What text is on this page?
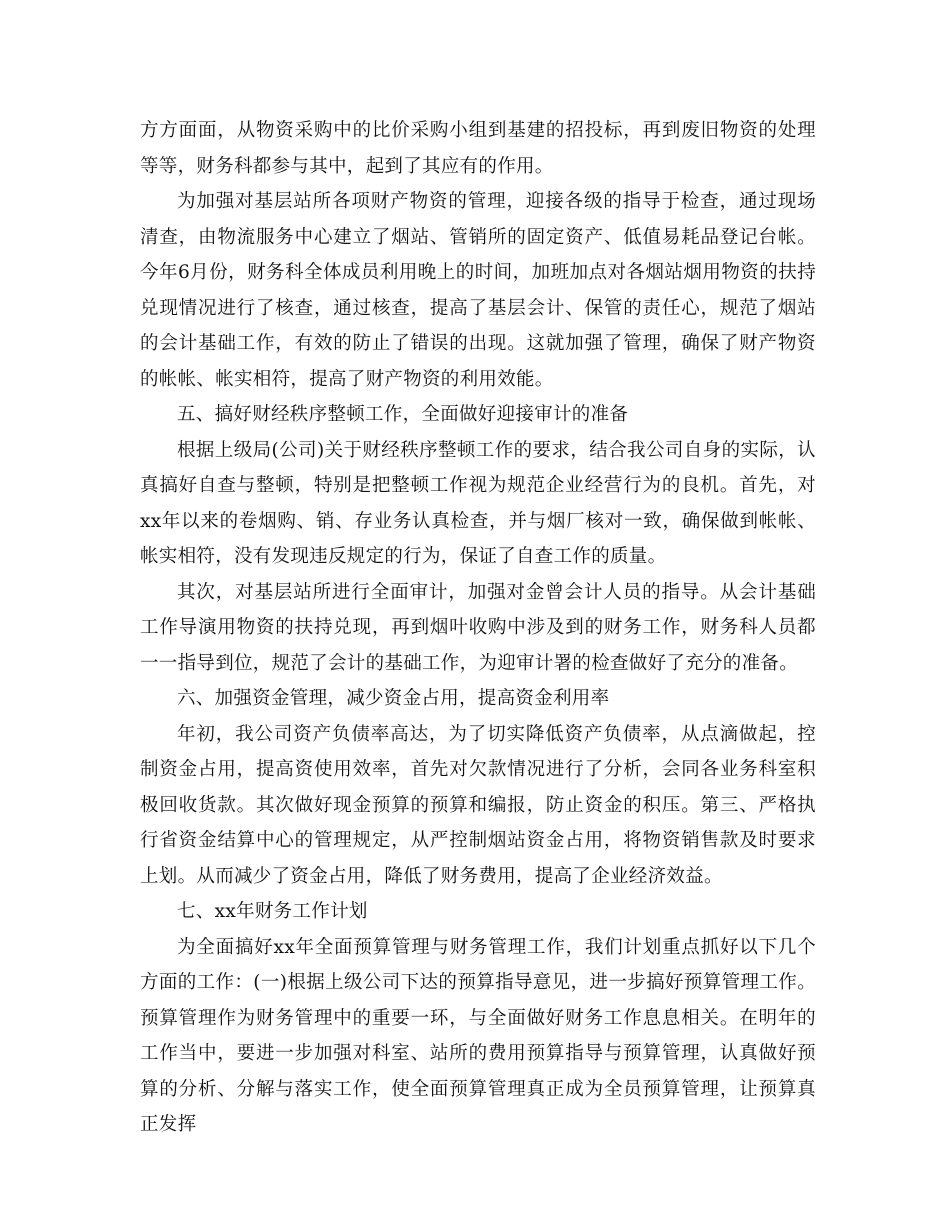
方方面面，从物资采购中的比价采购小组到基建的招投标，再到废旧物资的处理等等，财务科都参与其中，起到了其应有的作用。

为加强对基层站所各项财产物资的管理，迎接各级的指导于检查，通过现场清查，由物流服务中心建立了烟站、管销所的固定资产、低值易耗品登记台帐。今年6月份，财务科全体成员利用晚上的时间，加班加点对各烟站烟用物资的扶持兑现情况进行了核查，通过核查，提高了基层会计、保管的责任心，规范了烟站的会计基础工作，有效的防止了错误的出现。这就加强了管理，确保了财产物资的帐帐、帐实相符，提高了财产物资的利用效能。

五、搞好财经秩序整顿工作，全面做好迎接审计的准备

根据上级局(公司)关于财经秩序整顿工作的要求，结合我公司自身的实际，认真搞好自查与整顿，特别是把整顿工作视为规范企业经营行为的良机。首先，对xx年以来的卷烟购、销、存业务认真检查，并与烟厂核对一致，确保做到帐帐、帐实相符，没有发现违反规定的行为，保证了自查工作的质量。

其次，对基层站所进行全面审计，加强对金曾会计人员的指导。从会计基础工作导演用物资的扶持兑现，再到烟叶收购中涉及到的财务工作，财务科人员都一一指导到位，规范了会计的基础工作，为迎审计署的检查做好了充分的准备。

六、加强资金管理，减少资金占用，提高资金利用率

年初，我公司资产负债率高达，为了切实降低资产负债率，从点滴做起，控制资金占用，提高资使用效率，首先对欠款情况进行了分析，会同各业务科室积极回收货款。其次做好现金预算的预算和编报，防止资金的积压。第三、严格执行省资金结算中心的管理规定，从严控制烟站资金占用，将物资销售款及时要求上划。从而减少了资金占用，降低了财务费用，提高了企业经济效益。

七、xx年财务工作计划

为全面搞好xx年全面预算管理与财务管理工作，我们计划重点抓好以下几个方面的工作：(一)根据上级公司下达的预算指导意见，进一步搞好预算管理工作。预算管理作为财务管理中的重要一环，与全面做好财务工作息息相关。在明年的工作当中，要进一步加强对科室、站所的费用预算指导与预算管理，认真做好预算的分析、分解与落实工作，使全面预算管理真正成为全员预算管理，让预算真正发挥
